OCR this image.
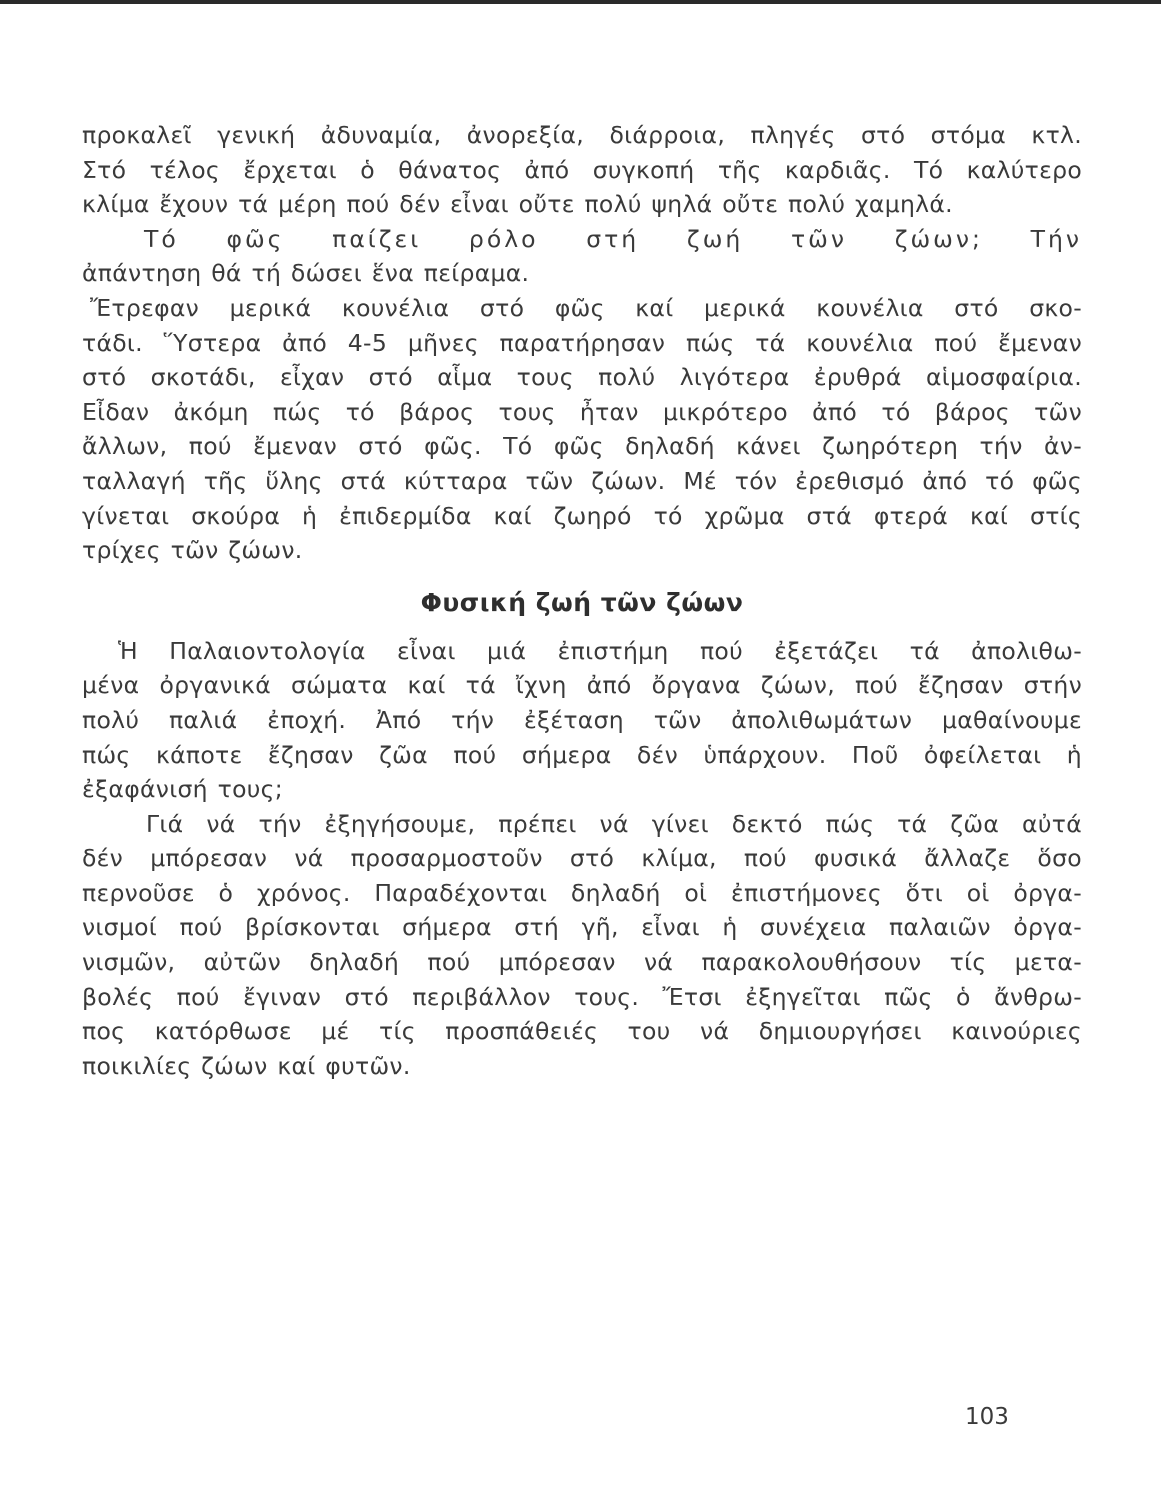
προκαλεῖ γενική ἀδυναμία, ἀνορεξία, διάρροια, πληγές στό στόμα κτλ.
Στό τέλος ἔρχεται ὁ θάνατος ἀπό συγκοπή τῆς καρδιᾶς. Τό καλύτερο
κλίμα ἔχουν τά μέρη πού δέν εἶναι οὔτε πολύ ψηλά οὔτε πολύ χαμηλά.
Τό φῶς παίζει ρόλο στή ζωή τῶν ζώων; Τήν
ἀπάντηση θά τή δώσει ἕνα πείραμα.
Ἔτρεφαν μερικά κουνέλια στό φῶς καί μερικά κουνέλια στό σκο-
τάδι. Ὕστερα ἀπό 4-5 μῆνες παρατήρησαν πώς τά κουνέλια πού ἔμεναν
στό σκοτάδι, εἶχαν στό αἷμα τους πολύ λιγότερα ἐρυθρά αἱμοσφαίρια.
Εἶδαν ἀκόμη πώς τό βάρος τους ἦταν μικρότερο ἀπό τό βάρος τῶν
ἄλλων, πού ἔμεναν στό φῶς. Τό φῶς δηλαδή κάνει ζωηρότερη τήν ἀν-
ταλλαγή τῆς ὕλης στά κύτταρα τῶν ζώων. Μέ τόν ἐρεθισμό ἀπό τό φῶς
γίνεται σκούρα ἡ ἐπιδερμίδα καί ζωηρό τό χρῶμα στά φτερά καί στίς
τρίχες τῶν ζώων.
Φυσική ζωή τῶν ζώων
Ἡ Παλαιοντολογία εἶναι μιά ἐπιστήμη πού ἐξετάζει τά ἀπολιθω-
μένα ὀργανικά σώματα καί τά ἴχνη ἀπό ὄργανα ζώων, πού ἔζησαν στήν
πολύ παλιά ἐποχή. Ἀπό τήν ἐξέταση τῶν ἀπολιθωμάτων μαθαίνουμε
πώς κάποτε ἔζησαν ζῶα πού σήμερα δέν ὑπάρχουν. Ποῦ ὀφείλεται ἡ
ἐξαφάνισή τους;
Γιά νά τήν ἐξηγήσουμε, πρέπει νά γίνει δεκτό πώς τά ζῶα αὐτά
δέν μπόρεσαν νά προσαρμοστοῦν στό κλίμα, πού φυσικά ἄλλαζε ὅσο
περνοῦσε ὁ χρόνος. Παραδέχονται δηλαδή οἱ ἐπιστήμονες ὅτι οἱ ὀργα-
νισμοί πού βρίσκονται σήμερα στή γῆ, εἶναι ἡ συνέχεια παλαιῶν ὀργα-
νισμῶν, αὐτῶν δηλαδή πού μπόρεσαν νά παρακολουθήσουν τίς μετα-
βολές πού ἔγιναν στό περιβάλλον τους. Ἔτσι ἐξηγεῖται πῶς ὁ ἄνθρω-
πος κατόρθωσε μέ τίς προσπάθειές του νά δημιουργήσει καινούριες
ποικιλίες ζώων καί φυτῶν.
103
